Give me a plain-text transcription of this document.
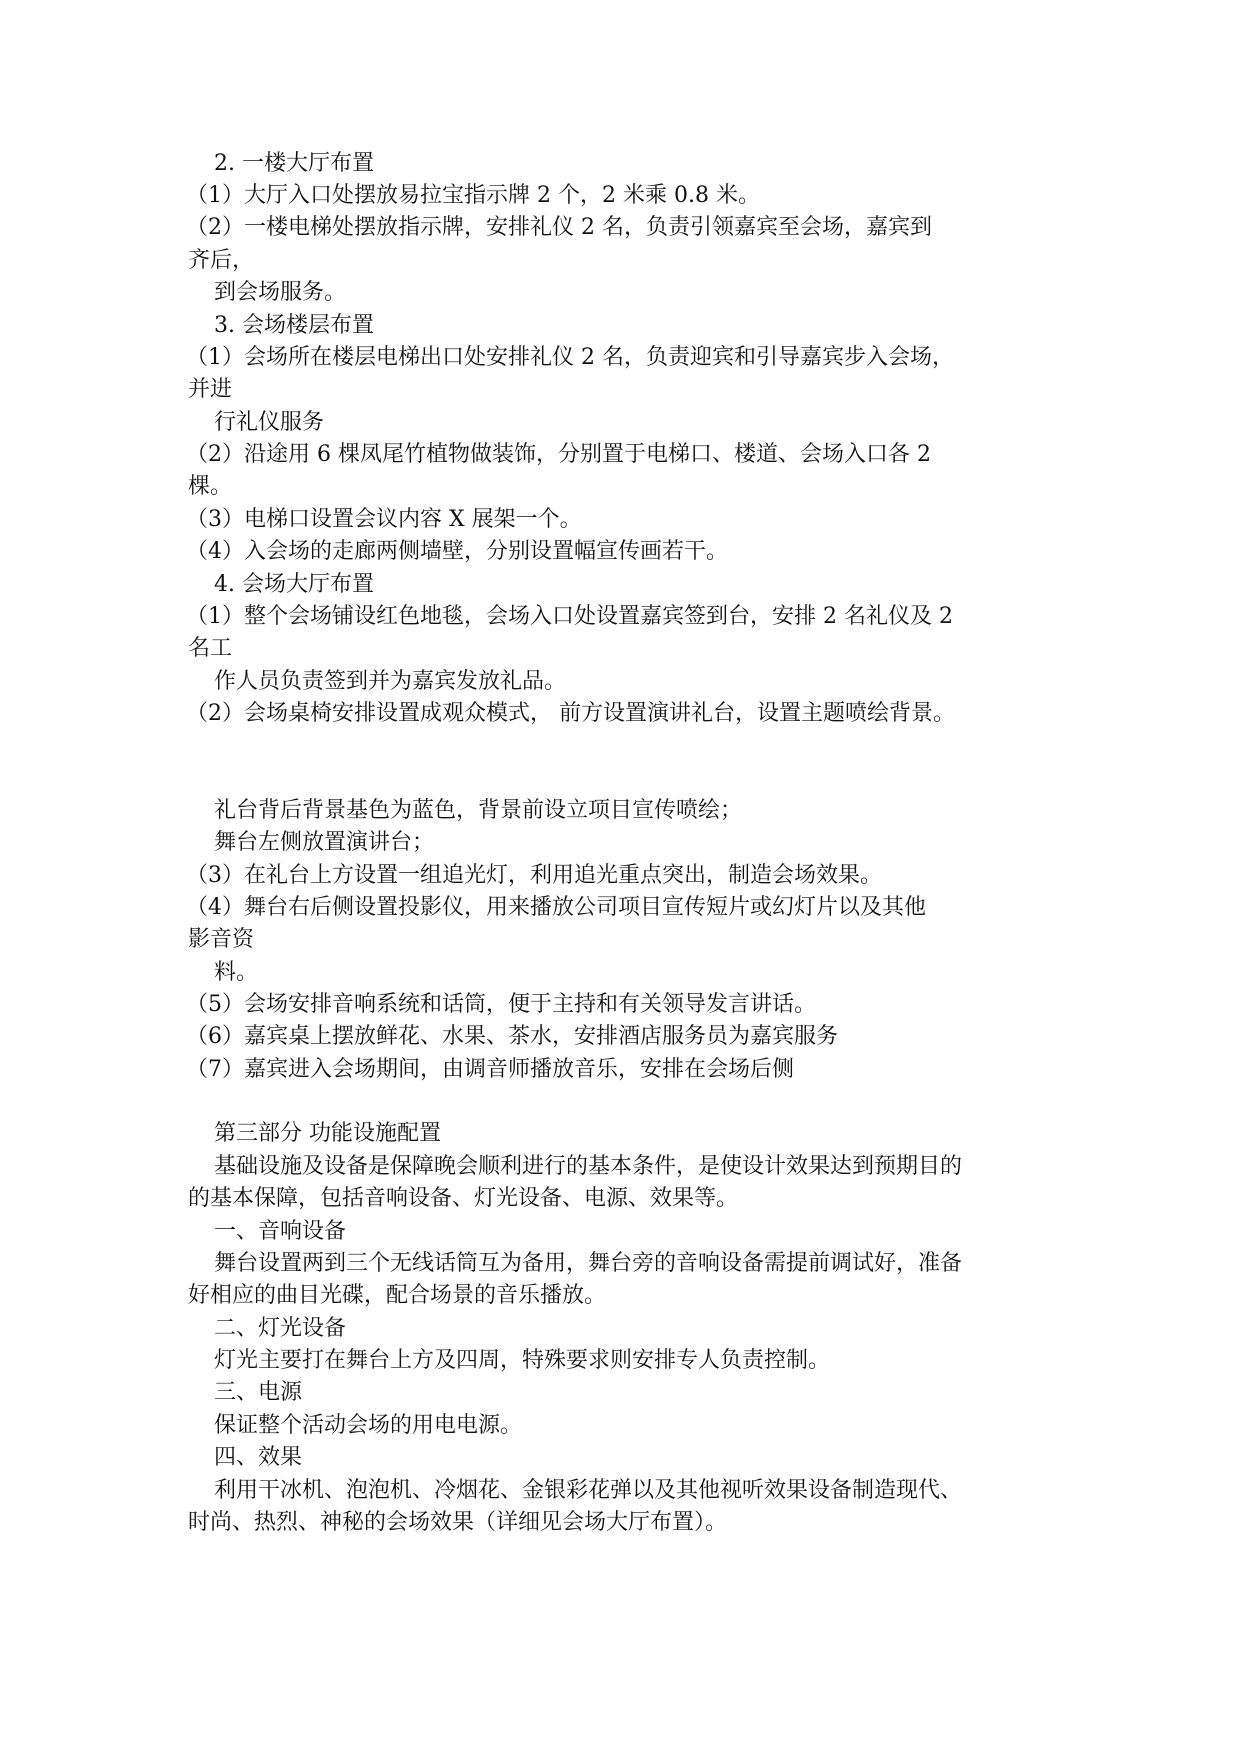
2. 一楼大厅布置
（1）大厅入口处摆放易拉宝指示牌 2 个，2 米乘 0.8 米。
（2）一楼电梯处摆放指示牌，安排礼仪 2 名，负责引领嘉宾至会场，嘉宾到
齐后，
到会场服务。
3. 会场楼层布置
（1）会场所在楼层电梯出口处安排礼仪 2 名，负责迎宾和引导嘉宾步入会场，
并进
行礼仪服务
（2）沿途用 6 棵凤尾竹植物做装饰，分别置于电梯口、楼道、会场入口各 2
棵。
（3）电梯口设置会议内容 X 展架一个。
（4）入会场的走廊两侧墙壁，分别设置幅宣传画若干。
4. 会场大厅布置
（1）整个会场铺设红色地毯，会场入口处设置嘉宾签到台，安排 2 名礼仪及 2
名工
作人员负责签到并为嘉宾发放礼品。
（2）会场桌椅安排设置成观众模式， 前方设置演讲礼台，设置主题喷绘背景。
礼台背后背景基色为蓝色，背景前设立项目宣传喷绘；
舞台左侧放置演讲台；
（3）在礼台上方设置一组追光灯，利用追光重点突出，制造会场效果。
（4）舞台右后侧设置投影仪，用来播放公司项目宣传短片或幻灯片以及其他
影音资
料。
（5）会场安排音响系统和话筒，便于主持和有关领导发言讲话。
（6）嘉宾桌上摆放鲜花、水果、茶水，安排酒店服务员为嘉宾服务
（7）嘉宾进入会场期间，由调音师播放音乐，安排在会场后侧
第三部分 功能设施配置
基础设施及设备是保障晚会顺利进行的基本条件，是使设计效果达到预期目的
的基本保障，包括音响设备、灯光设备、电源、效果等。
一、音响设备
舞台设置两到三个无线话筒互为备用，舞台旁的音响设备需提前调试好，准备
好相应的曲目光碟，配合场景的音乐播放。
二、灯光设备
灯光主要打在舞台上方及四周，特殊要求则安排专人负责控制。
三、电源
保证整个活动会场的用电电源。
四、效果
利用干冰机、泡泡机、冷烟花、金银彩花弹以及其他视听效果设备制造现代、
时尚、热烈、神秘的会场效果（详细见会场大厅布置）。
